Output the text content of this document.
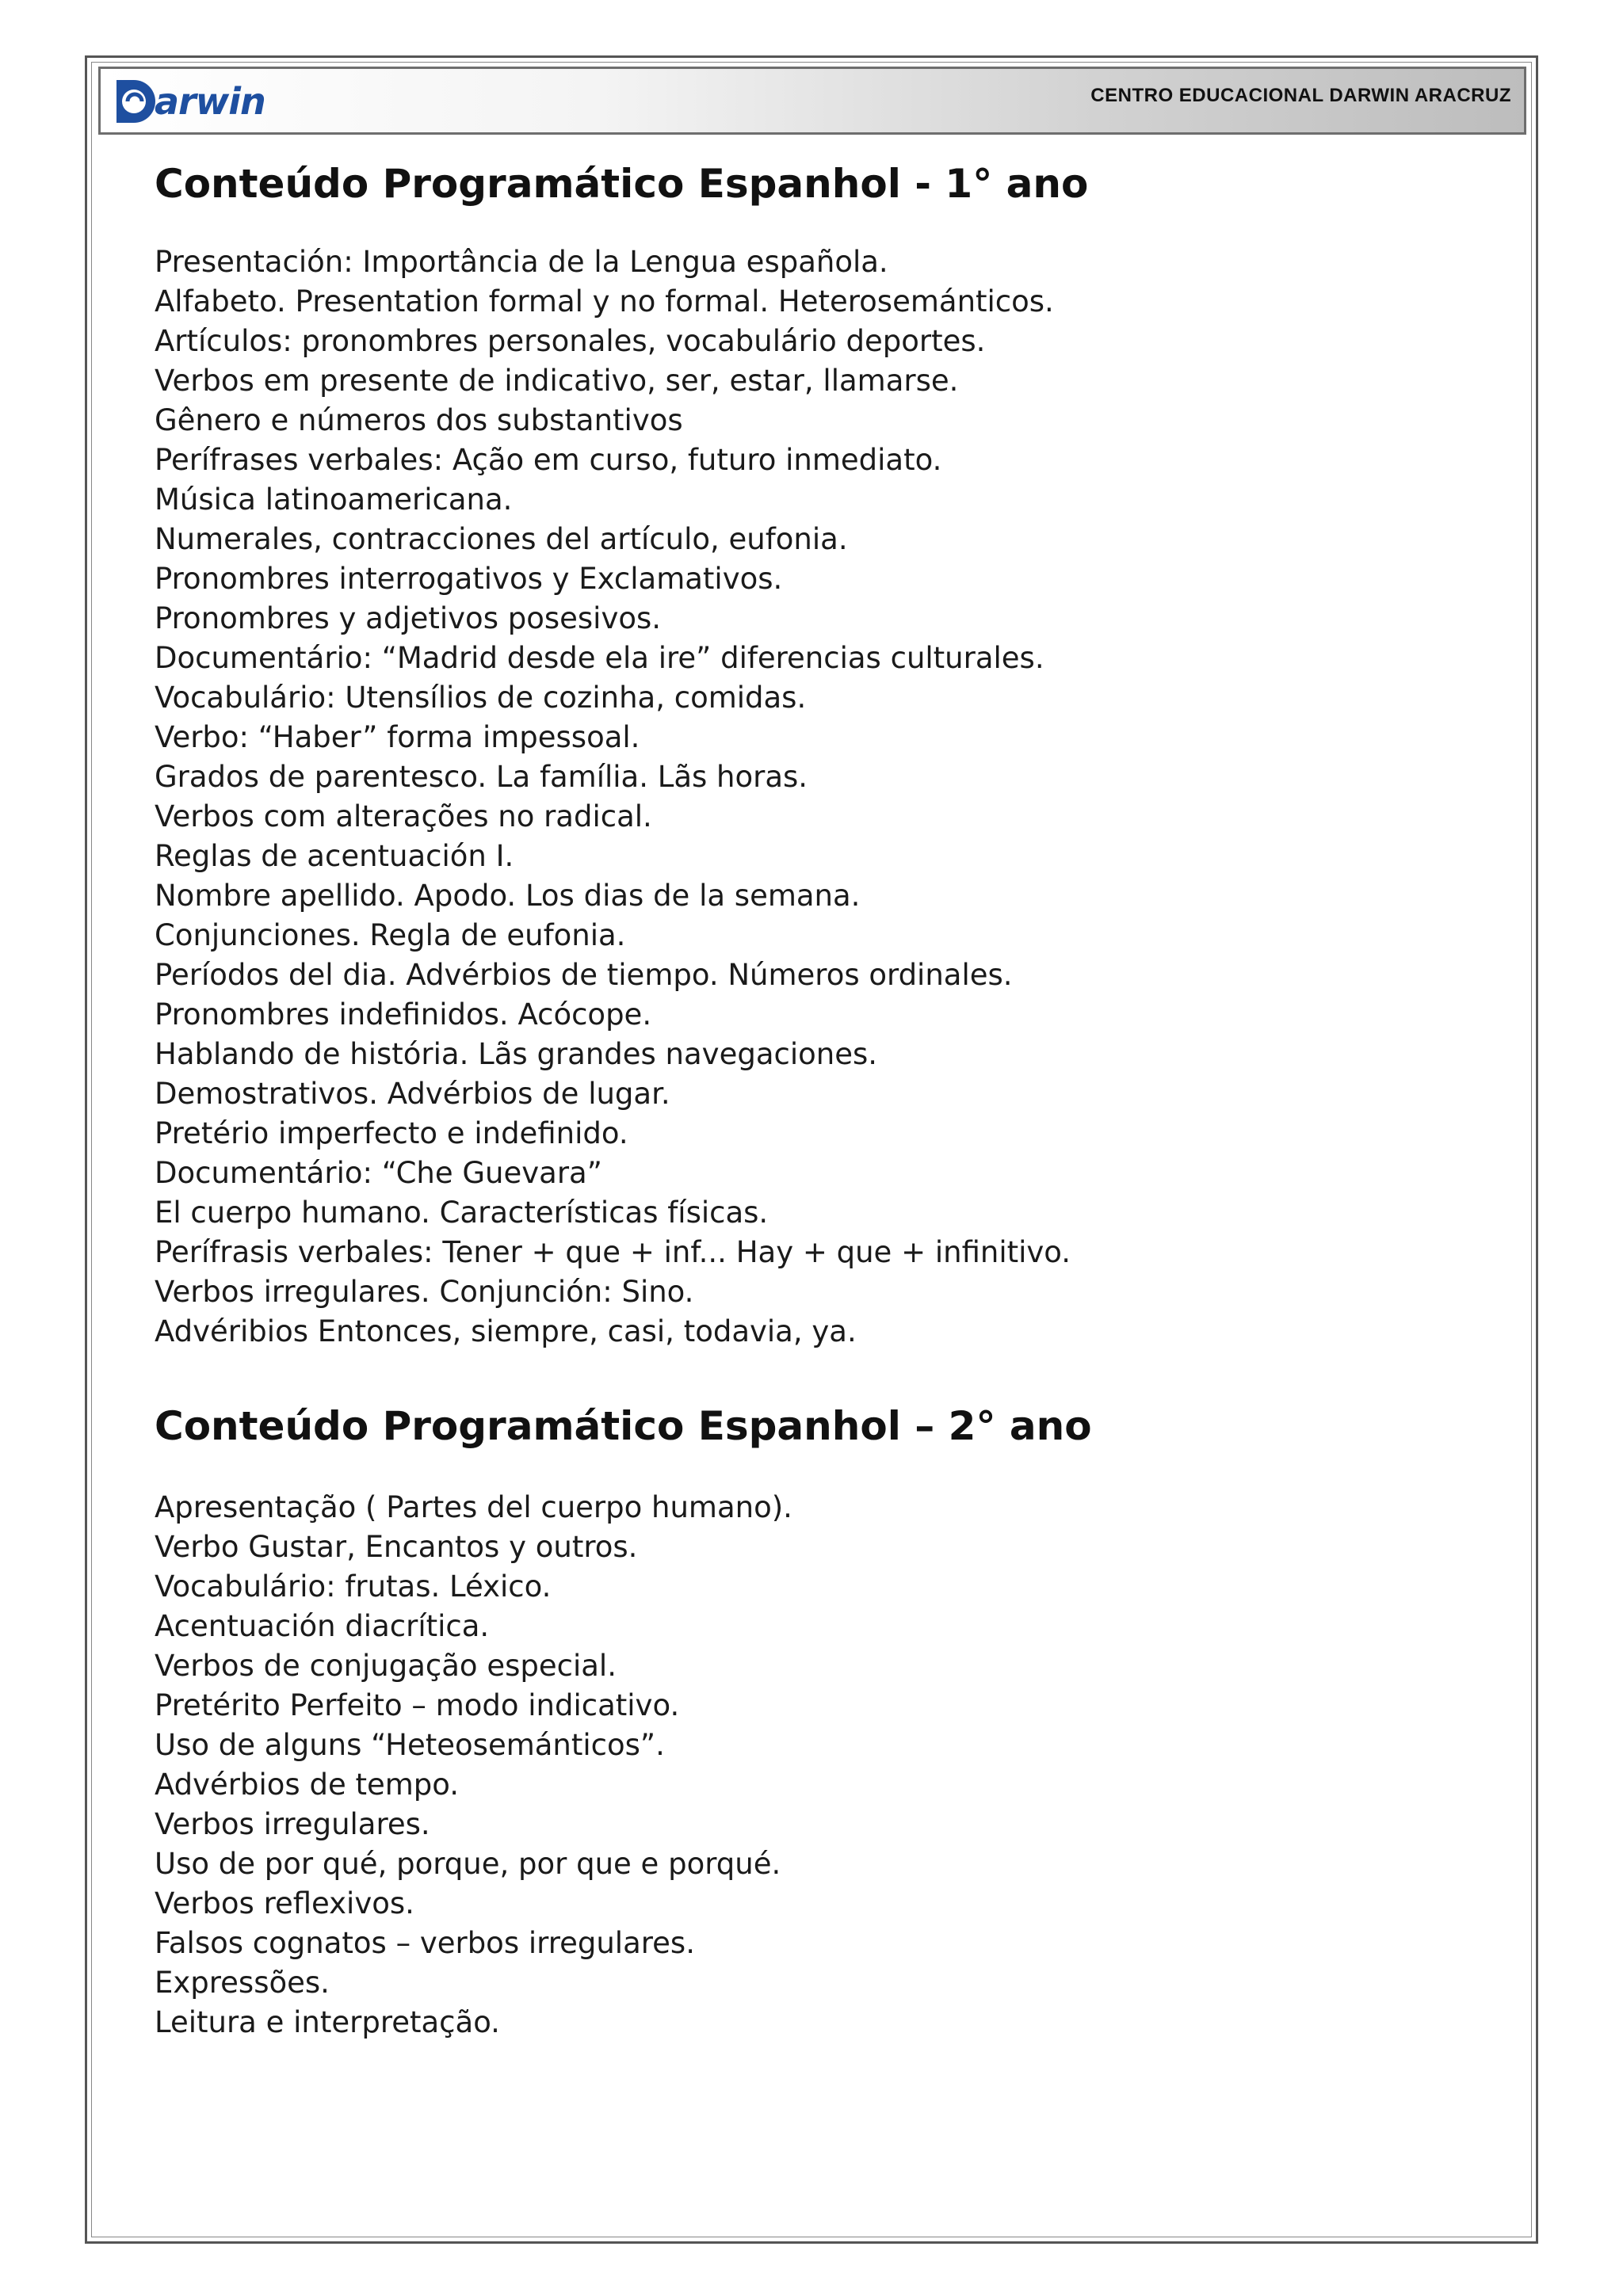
arwin	CENTRO EDUCACIONAL DARWIN ARACRUZ
Conteúdo Programático Espanhol - 1° ano
Presentación: Importância de la Lengua española.
Alfabeto. Presentation formal y no formal. Heterosemánticos.
Artículos: pronombres personales, vocabulário deportes.
Verbos em presente de indicativo, ser, estar, llamarse.
Gênero e números dos substantivos
Perífrases verbales: Ação em curso, futuro inmediato.
Música latinoamericana.
Numerales, contracciones del artículo, eufonia.
Pronombres interrogativos y Exclamativos.
Pronombres y adjetivos posesivos.
Documentário: “Madrid desde ela ire” diferencias culturales.
Vocabulário: Utensílios de cozinha, comidas.
Verbo: “Haber” forma impessoal.
Grados de parentesco. La família. Lãs horas.
Verbos com alterações no radical.
Reglas de acentuación I.
Nombre apellido. Apodo. Los dias de la semana.
Conjunciones. Regla de eufonia.
Períodos del dia. Advérbios de tiempo. Números ordinales.
Pronombres indefinidos. Acócope.
Hablando de história. Lãs grandes navegaciones.
Demostrativos. Advérbios de lugar.
Pretério imperfecto e indefinido.
Documentário: “Che Guevara”
El cuerpo humano. Características físicas.
Perífrasis verbales: Tener + que + inf... Hay + que + infinitivo.
Verbos irregulares. Conjunción: Sino.
Advéribios Entonces, siempre, casi, todavia, ya.
Conteúdo Programático Espanhol – 2° ano
Apresentação ( Partes del cuerpo humano).
Verbo Gustar, Encantos y outros.
Vocabulário: frutas. Léxico.
Acentuación diacrítica.
Verbos de conjugação especial.
Pretérito Perfeito – modo indicativo.
Uso de alguns “Heteosemánticos”.
Advérbios de tempo.
Verbos irregulares.
Uso de por qué, porque, por que e porqué.
Verbos reflexivos.
Falsos cognatos – verbos irregulares.
Expressões.
Leitura e interpretação.
